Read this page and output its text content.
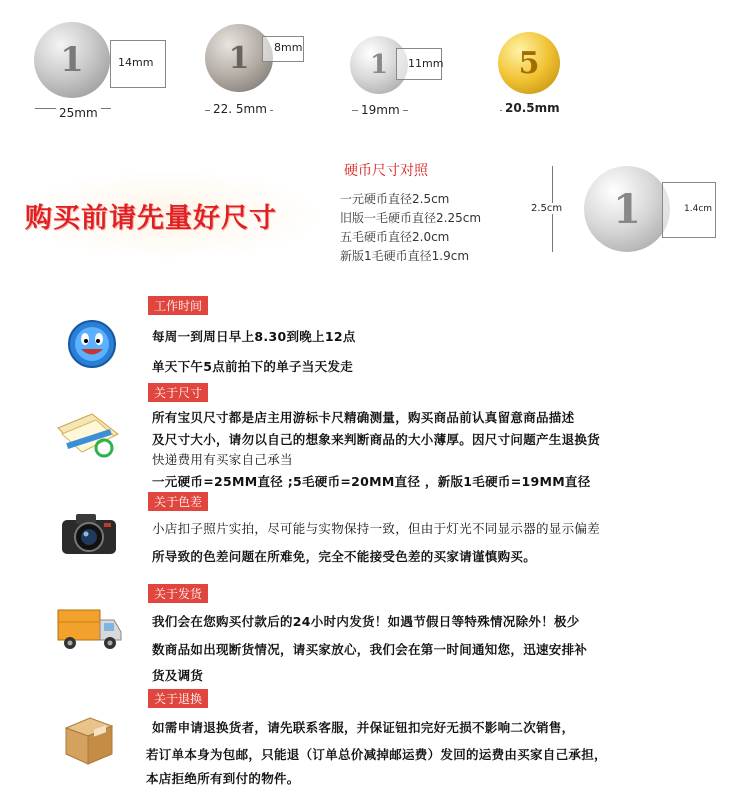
1	14mm
25mm
1 8mm
22. 5mm
1 11mm
19mm
5
20.5mm
购买前请先量好尺寸
硬币尺寸对照
一元硬币直径2.5cm
旧版一毛硬币直径2.25cm
五毛硬币直径2.0cm
新版1毛硬币直径1.9cm
2.5cm 1	1.4cm
工作时间
每周一到周日早上8.30到晚上12点
单天下午5点前拍下的单子当天发走
关于尺寸
所有宝贝尺寸都是店主用游标卡尺精确测量，购买商品前认真留意商品描述
及尺寸大小，请勿以自己的想象来判断商品的大小薄厚。因尺寸问题产生退换货
快递费用有买家自己承当
一元硬币=25MM直径 ;5毛硬币=20MM直径 ，新版1毛硬币=19MM直径
关于色差
小店扣子照片实拍，尽可能与实物保持一致，但由于灯光不同显示器的显示偏差
所导致的色差问题在所难免，完全不能接受色差的买家请谨慎购买。
关于发货
我们会在您购买付款后的24小时内发货！如遇节假日等特殊情况除外！极少
数商品如出现断货情况，请买家放心，我们会在第一时间通知您，迅速安排补
货及调货
关于退换
如需申请退换货者，请先联系客服，并保证钮扣完好无损不影响二次销售，
若订单本身为包邮，只能退（订单总价减掉邮运费）发回的运费由买家自己承担，
本店拒绝所有到付的物件。
